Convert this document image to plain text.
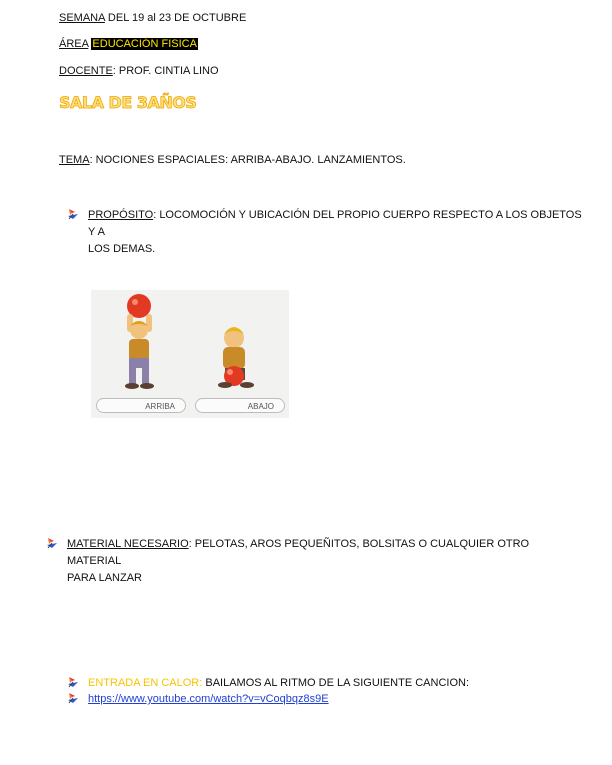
SEMANA DEL 19 al 23 DE OCTUBRE
ÁREA EDUCACIÓN FISICA
DOCENTE: PROF. CINTIA LINO
SALA DE 3AÑOS
TEMA: NOCIONES ESPACIALES: ARRIBA-ABAJO. LANZAMIENTOS.
PROPÓSITO: LOCOMOCIÓN Y UBICACIÓN DEL PROPIO CUERPO RESPECTO A LOS OBJETOS Y A
LOS DEMAS.
ARRIBA	ABAJO
MATERIAL NECESARIO: PELOTAS, AROS PEQUEÑITOS, BOLSITAS O CUALQUIER OTRO MATERIAL
PARA LANZAR
ENTRADA EN CALOR: BAILAMOS AL RITMO DE LA SIGUIENTE CANCION:
https://www.youtube.com/watch?v=vCoqbqz8s9E
